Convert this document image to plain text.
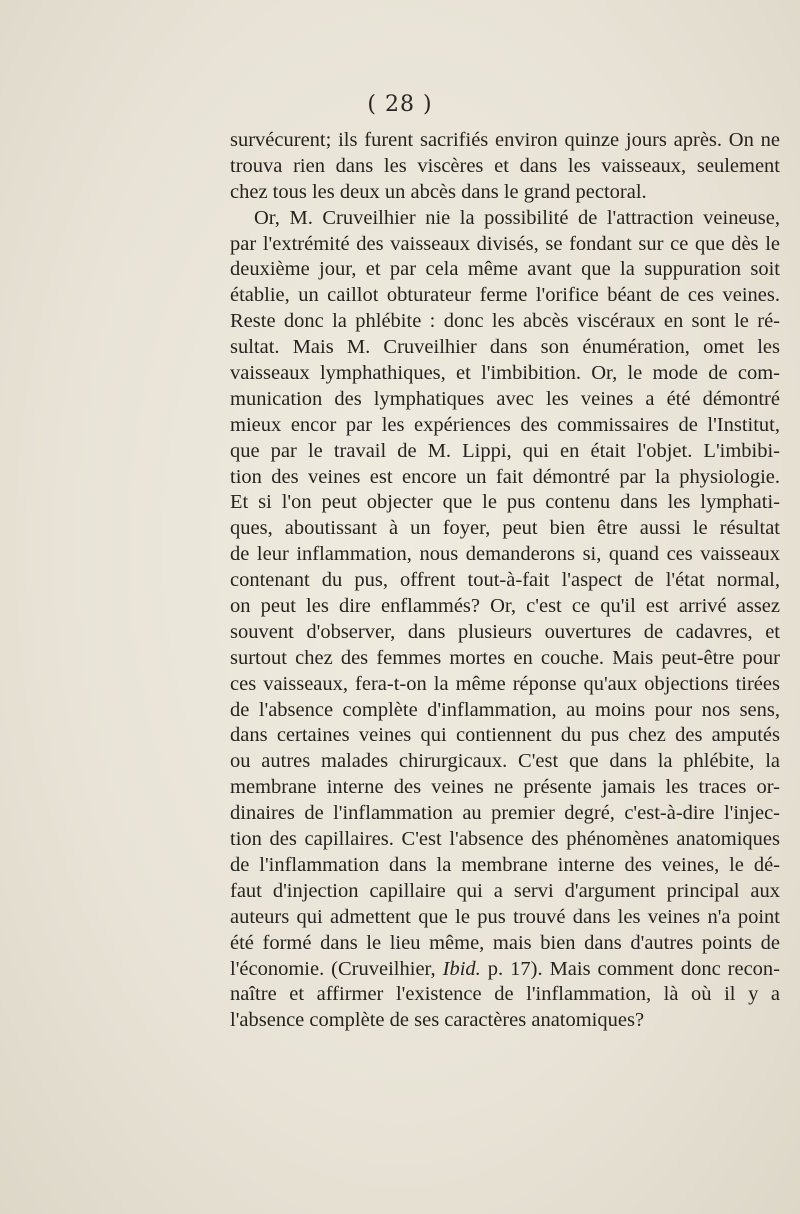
( 28 )
survécurent; ils furent sacrifiés environ quinze jours après. On ne
trouva rien dans les viscères et dans les vaisseaux, seulement
chez tous les deux un abcès dans le grand pectoral.
Or, M. Cruveilhier nie la possibilité de l'attraction veineuse,
par l'extrémité des vaisseaux divisés, se fondant sur ce que dès le
deuxième jour, et par cela même avant que la suppuration soit
établie, un caillot obturateur ferme l'orifice béant de ces veines.
Reste donc la phlébite : donc les abcès viscéraux en sont le ré-
sultat. Mais M. Cruveilhier dans son énumération, omet les
vaisseaux lymphathiques, et l'imbibition. Or, le mode de com-
munication des lymphatiques avec les veines a été démontré
mieux encor par les expériences des commissaires de l'Institut,
que par le travail de M. Lippi, qui en était l'objet. L'imbibi-
tion des veines est encore un fait démontré par la physiologie.
Et si l'on peut objecter que le pus contenu dans les lymphati-
ques, aboutissant à un foyer, peut bien être aussi le résultat
de leur inflammation, nous demanderons si, quand ces vaisseaux
contenant du pus, offrent tout-à-fait l'aspect de l'état normal,
on peut les dire enflammés? Or, c'est ce qu'il est arrivé assez
souvent d'observer, dans plusieurs ouvertures de cadavres, et
surtout chez des femmes mortes en couche. Mais peut-être pour
ces vaisseaux, fera-t-on la même réponse qu'aux objections tirées
de l'absence complète d'inflammation, au moins pour nos sens,
dans certaines veines qui contiennent du pus chez des amputés
ou autres malades chirurgicaux. C'est que dans la phlébite, la
membrane interne des veines ne présente jamais les traces or-
dinaires de l'inflammation au premier degré, c'est-à-dire l'injec-
tion des capillaires. C'est l'absence des phénomènes anatomiques
de l'inflammation dans la membrane interne des veines, le dé-
faut d'injection capillaire qui a servi d'argument principal aux
auteurs qui admettent que le pus trouvé dans les veines n'a point
été formé dans le lieu même, mais bien dans d'autres points de
l'économie. (Cruveilhier, Ibid. p. 17). Mais comment donc recon-
naître et affirmer l'existence de l'inflammation, là où il y a
l'absence complète de ses caractères anatomiques?
